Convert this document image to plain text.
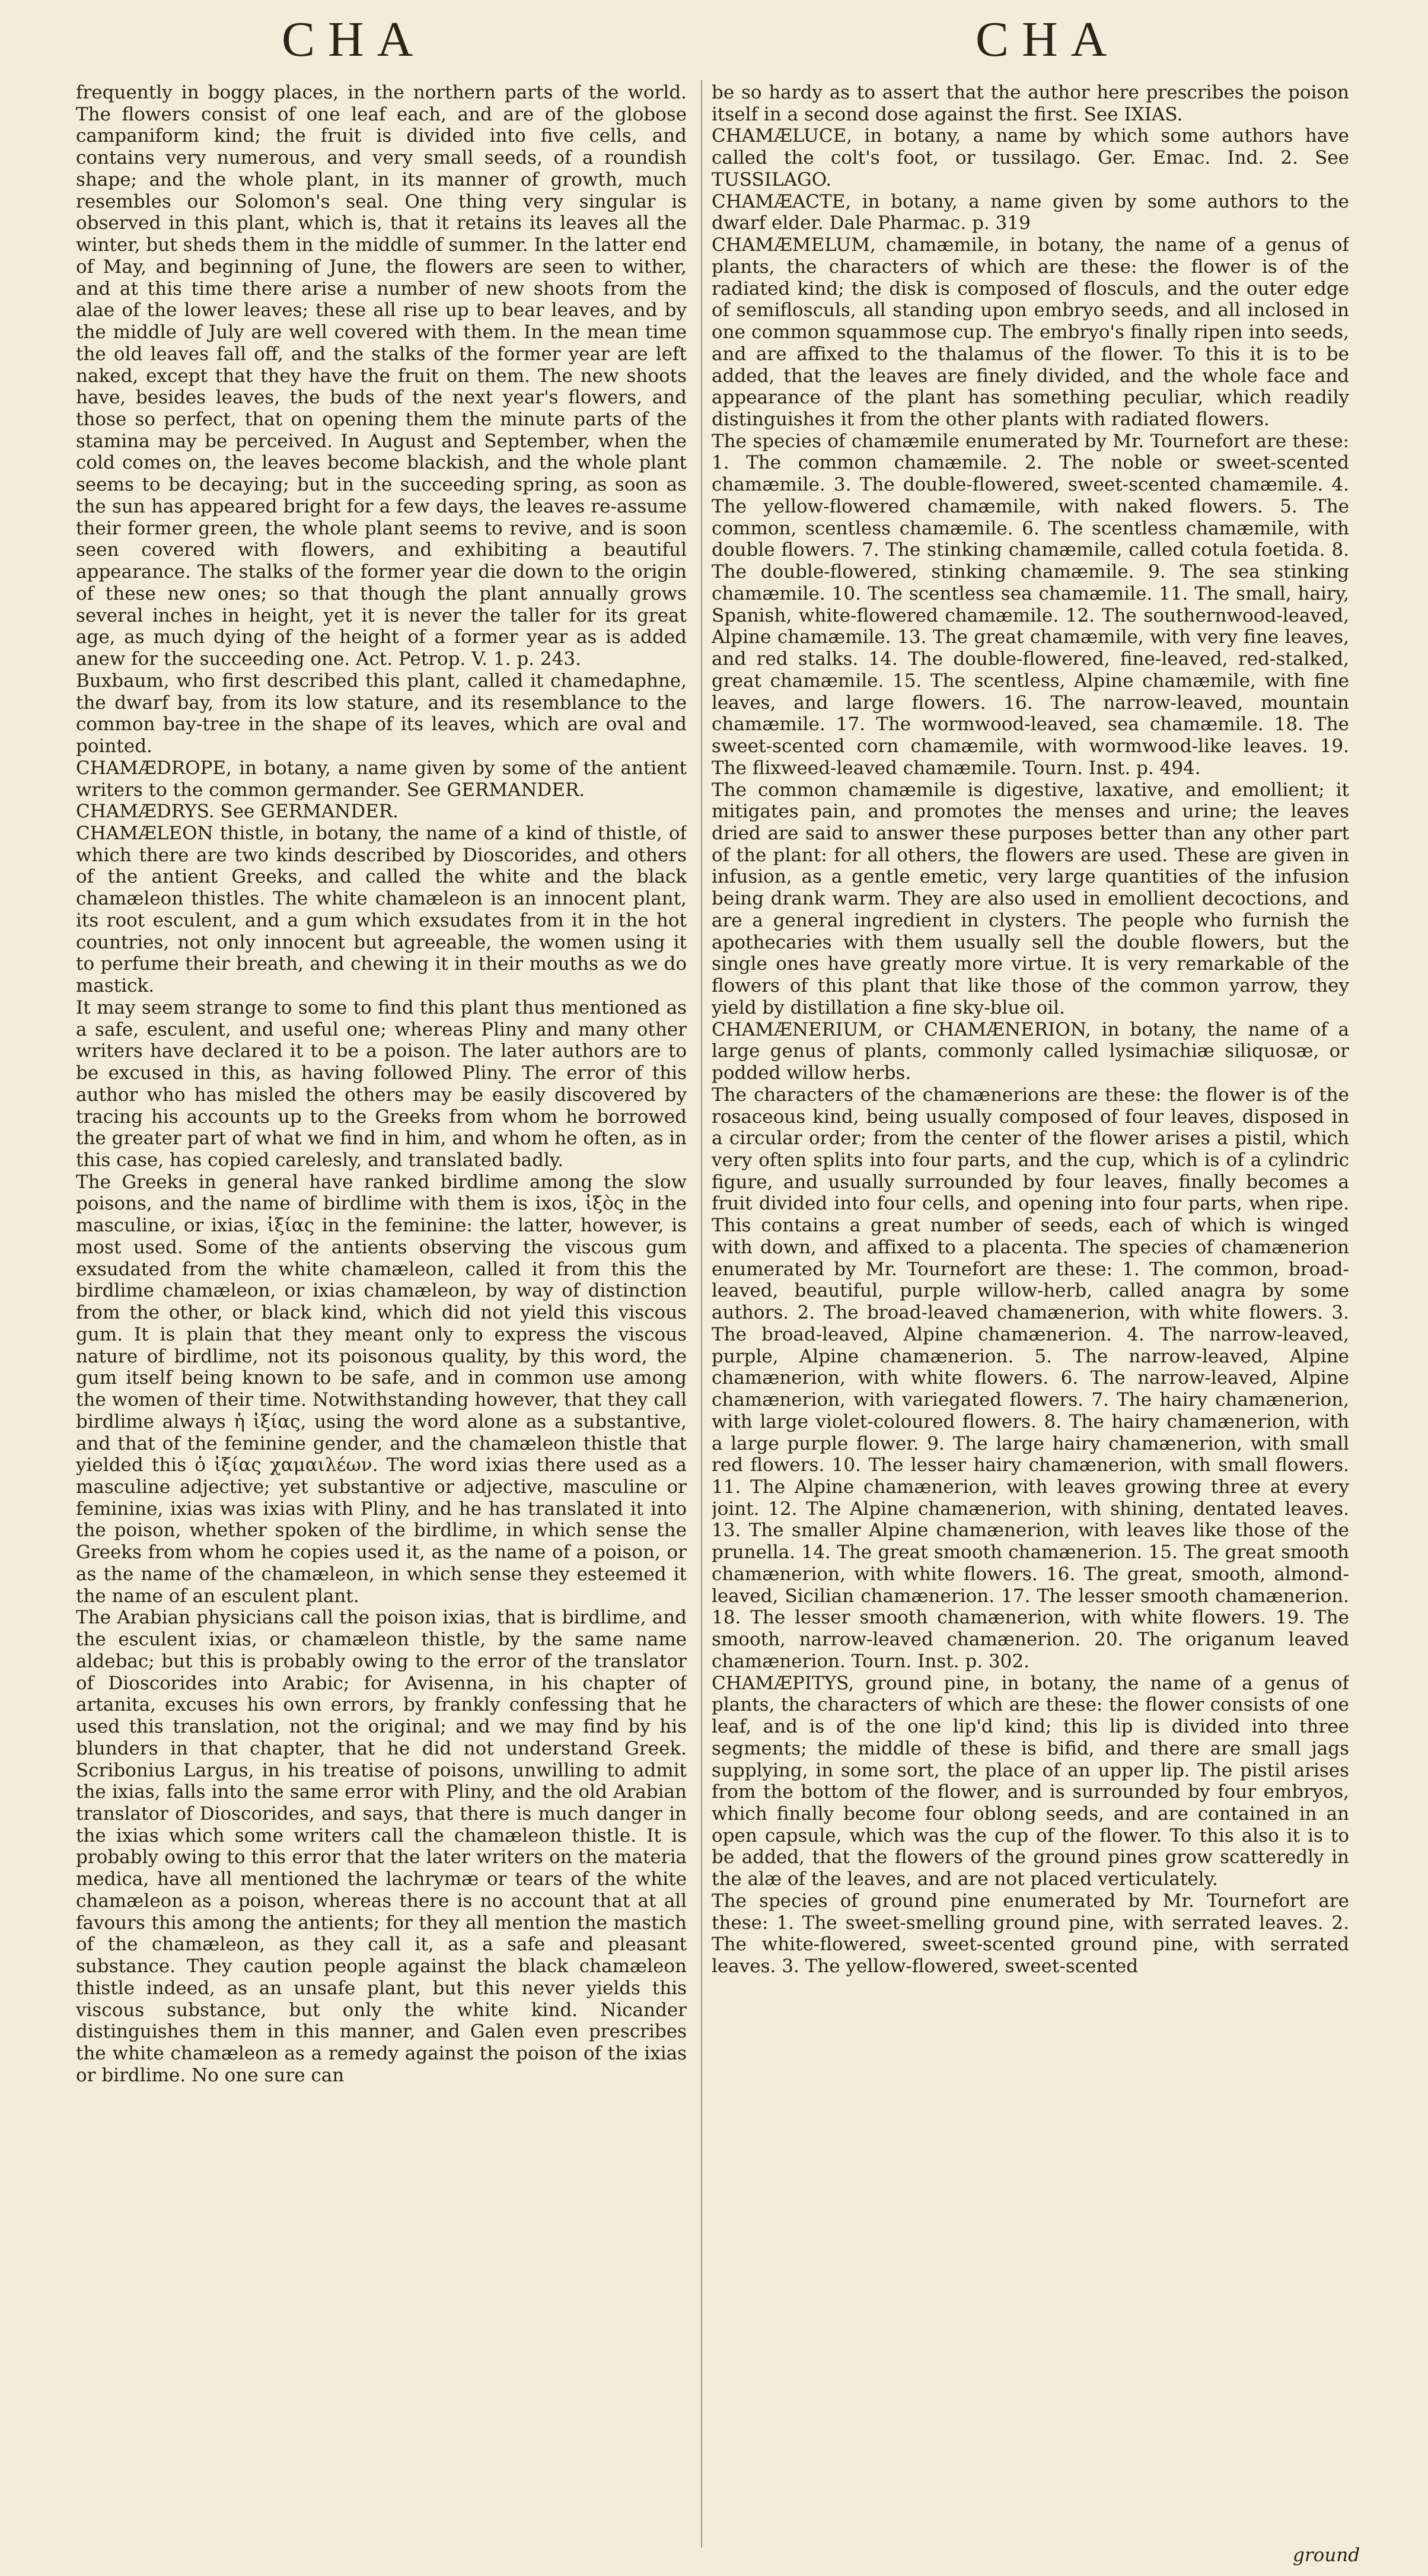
CHA	CHA

frequently in boggy places, in the northern parts of the world. The flowers consist of one leaf each, and are of the globose campaniform kind; the fruit is divided into five cells, and contains very numerous, and very small seeds, of a roundish shape; and the whole plant, in its manner of growth, much resembles our Solomon's seal. One thing very singular is observed in this plant, which is, that it retains its leaves all the winter, but sheds them in the middle of summer. In the latter end of May, and beginning of June, the flowers are seen to wither, and at this time there arise a number of new shoots from the alae of the lower leaves; these all rise up to bear leaves, and by the middle of July are well covered with them. In the mean time the old leaves fall off, and the stalks of the former year are left naked, except that they have the fruit on them. The new shoots have, besides leaves, the buds of the next year's flowers, and those so perfect, that on opening them the minute parts of the stamina may be perceived. In August and September, when the cold comes on, the leaves become blackish, and the whole plant seems to be decaying; but in the succeeding spring, as soon as the sun has appeared bright for a few days, the leaves re-assume their former green, the whole plant seems to revive, and is soon seen covered with flowers, and exhibiting a beautiful appearance. The stalks of the former year die down to the origin of these new ones; so that though the plant annually grows several inches in height, yet it is never the taller for its great age, as much dying of the height of a former year as is added anew for the succeeding one. Act. Petrop. V. 1. p. 243.

Buxbaum, who first described this plant, called it chamedaphne, the dwarf bay, from its low stature, and its resemblance to the common bay-tree in the shape of its leaves, which are oval and pointed.

CHAMÆDROPE, in botany, a name given by some of the antient writers to the common germander. See GERMANDER.

CHAMÆDRYS. See GERMANDER.

CHAMÆLEON thistle, in botany, the name of a kind of thistle, of which there are two kinds described by Dioscorides, and others of the antient Greeks, and called the white and the black chamæleon thistles. The white chamæleon is an innocent plant, its root esculent, and a gum which exsudates from it in the hot countries, not only innocent but agreeable, the women using it to perfume their breath, and chewing it in their mouths as we do mastick.

It may seem strange to some to find this plant thus mentioned as a safe, esculent, and useful one; whereas Pliny and many other writers have declared it to be a poison. The later authors are to be excused in this, as having followed Pliny. The error of this author who has misled the others may be easily discovered by tracing his accounts up to the Greeks from whom he borrowed the greater part of what we find in him, and whom he often, as in this case, has copied carelesly, and translated badly.

The Greeks in general have ranked birdlime among the slow poisons, and the name of birdlime with them is ixos, ἰξὸς in the masculine, or ixias, ἰξίας in the feminine: the latter, however, is most used. Some of the antients observing the viscous gum exsudated from the white chamæleon, called it from this the birdlime chamæleon, or ixias chamæleon, by way of distinction from the other, or black kind, which did not yield this viscous gum. It is plain that they meant only to express the viscous nature of birdlime, not its poisonous quality, by this word, the gum itself being known to be safe, and in common use among the women of their time. Notwithstanding however, that they call birdlime always ἡ ἰξίας, using the word alone as a substantive, and that of the feminine gender, and the chamæleon thistle that yielded this ὁ ἰξίας χαμαιλέων. The word ixias there used as a masculine adjective; yet substantive or adjective, masculine or feminine, ixias was ixias with Pliny, and he has translated it into the poison, whether spoken of the birdlime, in which sense the Greeks from whom he copies used it, as the name of a poison, or as the name of the chamæleon, in which sense they esteemed it the name of an esculent plant.

The Arabian physicians call the poison ixias, that is birdlime, and the esculent ixias, or chamæleon thistle, by the same name aldebac; but this is probably owing to the error of the translator of Dioscorides into Arabic; for Avisenna, in his chapter of artanita, excuses his own errors, by frankly confessing that he used this translation, not the original; and we may find by his blunders in that chapter, that he did not understand Greek. Scribonius Largus, in his treatise of poisons, unwilling to admit the ixias, falls into the same error with Pliny, and the old Arabian translator of Dioscorides, and says, that there is much danger in the ixias which some writers call the chamæleon thistle. It is probably owing to this error that the later writers on the materia medica, have all mentioned the lachrymæ or tears of the white chamæleon as a poison, whereas there is no account that at all favours this among the antients; for they all mention the mastich of the chamæleon, as they call it, as a safe and pleasant substance. They caution people against the black chamæleon thistle indeed, as an unsafe plant, but this never yields this viscous substance, but only the white kind. Nicander distinguishes them in this manner, and Galen even prescribes the white chamæleon as a remedy against the poison of the ixias or birdlime. No one sure can

be so hardy as to assert that the author here prescribes the poison itself in a second dose against the first. See IXIAS.

CHAMÆLUCE, in botany, a name by which some authors have called the colt's foot, or tussilago. Ger. Emac. Ind. 2. See TUSSILAGO.

CHAMÆACTE, in botany, a name given by some authors to the dwarf elder. Dale Pharmac. p. 319

CHAMÆMELUM, chamæmile, in botany, the name of a genus of plants, the characters of which are these: the flower is of the radiated kind; the disk is composed of flosculs, and the outer edge of semiflosculs, all standing upon embryo seeds, and all inclosed in one common squammose cup. The embryo's finally ripen into seeds, and are affixed to the thalamus of the flower. To this it is to be added, that the leaves are finely divided, and the whole face and appearance of the plant has something peculiar, which readily distinguishes it from the other plants with radiated flowers.

The species of chamæmile enumerated by Mr. Tournefort are these: 1. The common chamæmile. 2. The noble or sweet-scented chamæmile. 3. The double-flowered, sweet-scented chamæmile. 4. The yellow-flowered chamæmile, with naked flowers. 5. The common, scentless chamæmile. 6. The scentless chamæmile, with double flowers. 7. The stinking chamæmile, called cotula foetida. 8. The double-flowered, stinking chamæmile. 9. The sea stinking chamæmile. 10. The scentless sea chamæmile. 11. The small, hairy, Spanish, white-flowered chamæmile. 12. The southernwood-leaved, Alpine chamæmile. 13. The great chamæmile, with very fine leaves, and red stalks. 14. The double-flowered, fine-leaved, red-stalked, great chamæmile. 15. The scentless, Alpine chamæmile, with fine leaves, and large flowers. 16. The narrow-leaved, mountain chamæmile. 17. The wormwood-leaved, sea chamæmile. 18. The sweet-scented corn chamæmile, with wormwood-like leaves. 19. The flixweed-leaved chamæmile. Tourn. Inst. p. 494.

The common chamæmile is digestive, laxative, and emollient; it mitigates pain, and promotes the menses and urine; the leaves dried are said to answer these purposes better than any other part of the plant: for all others, the flowers are used. These are given in infusion, as a gentle emetic, very large quantities of the infusion being drank warm. They are also used in emollient decoctions, and are a general ingredient in clysters. The people who furnish the apothecaries with them usually sell the double flowers, but the single ones have greatly more virtue. It is very remarkable of the flowers of this plant that like those of the common yarrow, they yield by distillation a fine sky-blue oil.

CHAMÆNERIUM, or CHAMÆNERION, in botany, the name of a large genus of plants, commonly called lysimachiæ siliquosæ, or podded willow herbs.

The characters of the chamænerions are these: the flower is of the rosaceous kind, being usually composed of four leaves, disposed in a circular order; from the center of the flower arises a pistil, which very often splits into four parts, and the cup, which is of a cylindric figure, and usually surrounded by four leaves, finally becomes a fruit divided into four cells, and opening into four parts, when ripe. This contains a great number of seeds, each of which is winged with down, and affixed to a placenta. The species of chamænerion enumerated by Mr. Tournefort are these: 1. The common, broad-leaved, beautiful, purple willow-herb, called anagra by some authors. 2. The broad-leaved chamænerion, with white flowers. 3. The broad-leaved, Alpine chamænerion. 4. The narrow-leaved, purple, Alpine chamænerion. 5. The narrow-leaved, Alpine chamænerion, with white flowers. 6. The narrow-leaved, Alpine chamænerion, with variegated flowers. 7. The hairy chamænerion, with large violet-coloured flowers. 8. The hairy chamænerion, with a large purple flower. 9. The large hairy chamænerion, with small red flowers. 10. The lesser hairy chamænerion, with small flowers. 11. The Alpine chamænerion, with leaves growing three at every joint. 12. The Alpine chamænerion, with shining, dentated leaves. 13. The smaller Alpine chamænerion, with leaves like those of the prunella. 14. The great smooth chamænerion. 15. The great smooth chamænerion, with white flowers. 16. The great, smooth, almond-leaved, Sicilian chamænerion. 17. The lesser smooth chamænerion. 18. The lesser smooth chamænerion, with white flowers. 19. The smooth, narrow-leaved chamænerion. 20. The origanum leaved chamænerion. Tourn. Inst. p. 302.

CHAMÆPITYS, ground pine, in botany, the name of a genus of plants, the characters of which are these: the flower consists of one leaf, and is of the one lip'd kind; this lip is divided into three segments; the middle of these is bifid, and there are small jags supplying, in some sort, the place of an upper lip. The pistil arises from the bottom of the flower, and is surrounded by four embryos, which finally become four oblong seeds, and are contained in an open capsule, which was the cup of the flower. To this also it is to be added, that the flowers of the ground pines grow scatteredly in the alæ of the leaves, and are not placed verticulately.

The species of ground pine enumerated by Mr. Tournefort are these: 1. The sweet-smelling ground pine, with serrated leaves. 2. The white-flowered, sweet-scented ground pine, with serrated leaves. 3. The yellow-flowered, sweet-scented

ground
